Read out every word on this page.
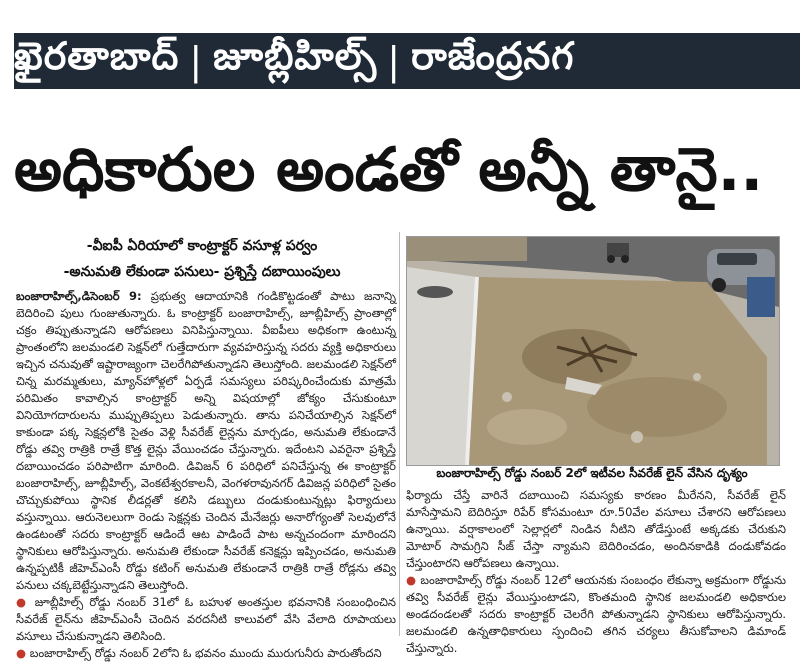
ఖైరతాబాద్ | జూబ్లీహిల్స్ | రాజేంద్రనగ
అధికారుల అండతో అన్నీ తానై..
-వీఐపీ ఏరియాలో కాంట్రాక్టర్ వసూళ్ల పర్వం
-అనుమతి లేకుండా పనులు- ప్రశ్నిస్తే దబాయింపులు

బంజారాహిల్స్,డిసెంబర్ 9: ప్రభుత్వ ఆదాయానికి గండికొట్టడంతో పాటు జనాన్ని బెదిరించి పులు గుంజుతున్నారు. ఓ కాంట్రాక్టర్ బంజారాహిల్స్, జూబ్లీహిల్స్ ప్రాంతాల్లో చక్రం తిప్పుతున్నాడని ఆరోపణలు వినిపిస్తున్నాయి. వీఐపీలు అధికంగా ఉంటున్న ప్రాంతంలోని జలమండలి సెక్షన్‌లో గుత్తేదారుగా వ్యవహరిస్తున్న సదరు వ్యక్తి అధికారులు ఇచ్చిన చనువుతో ఇష్టారాజ్యంగా చెలరేగిపోతున్నాడని తెలుస్తోంది. జలమండలి సెక్షన్‌లో చిన్న మరమ్మతులు, మ్యాన్‌హోళ్లలో ఏర్పడే సమస్యలు పరిష్కరించేందుకు మాత్రమే పరిమితం కావాల్సిన కాంట్రాక్టర్ అన్ని విషయాల్లో జోక్యం చేసుకుంటూ వినియోగదారులను ముప్పుతిప్పలు పెడుతున్నారు. తాను పనిచేయాల్సిన సెక్షన్‌లో కాకుండా పక్క సెక్షన్లలోకి సైతం వెళ్లి సీవరేజ్ లైన్లను మార్చడం, అనుమతి లేకుండానే రోడ్డు తవ్వి రాత్రికి రాత్రే కొత్త లైన్లు వేయించడం చేస్తున్నారు. ఇదేంటని ఎవరైనా ప్రశ్నిస్తే దబాయించడం పరిపాటిగా మారింది. డివిజన్ 6 పరిధిలో పనిచేస్తున్న ఈ కాంట్రాక్టర్ బంజారాహిల్స్, జూబ్లీహిల్స్, వెంకటేశ్వరకాలనీ, వెంగళరావునగర్ డివిజన్ల పరిధిలో సైతం చొచ్చుకుపోయి స్థానిక లీడర్లతో కలిసి డబ్బులు దండుకుంటున్నట్లు ఫిర్యాదులు వస్తున్నాయి. ఆరునెలలుగా రెండు సెక్షన్లకు చెందిన మేనేజర్లు అనారోగ్యంతో సెలవులోనే ఉండటంతో సదరు కాంట్రాక్టర్ ఆడిందే ఆట పాడిందే పాట అన్నచందంగా మారిందని స్థానికులు ఆరోపిస్తున్నారు. అనుమతి లేకుండా సీవరేజ్ కనెక్షన్లు ఇప్పించడం, అనుమతి ఉన్నప్పటికీ జీహెచ్ఎంసీ రోడ్డు కటింగ్ అనుమతి లేకుండానే రాత్రికి రాత్రే రోడ్లను తవ్వి పనులు చక్కబెట్టేస్తున్నాడని తెలుస్తోంది.

● జూబ్లీహిల్స్ రోడ్డు నంబర్ 31లో ఓ బహుళ అంతస్తుల భవనానికి సంబంధించిన సీవరేజ్ లైన్‌ను జీహెచ్ఎంసీ చెందిన వరదనీటి కాలువలో వేసి వేలాది రూపాయలు వసూలు చేసుకున్నాడని తెలిసింది.

● బంజారాహిల్స్ రోడ్డు నంబర్ 2లోని ఓ భవనం ముందు మురుగునీరు పారుతోందని

బంజారాహిల్స్ రోడ్డు నంబర్ 2లో ఇటీవల సీవరేజ్ లైన్ వేసిన దృశ్యం

ఫిర్యాదు చేస్తే వారినే దబాయించి సమస్యకు కారణం మీరేనని, సీవరేజ్ లైన్ మాసేస్తామని బెదిరిస్తూ రిపేర్ కోసమంటూ రూ.50వేల వసూలు చేశారని ఆరోపణలు ఉన్నాయి. వర్షాకాలంలో సెల్లార్లలో నిండిన నీటిని తోడేస్తుంటే అక్కడకు చేరుకుని మోటార్ సామగ్రిని సీజ్ చేస్తా న్యామని బెదిరించడం, అందినకాడికి దండుకోవడం చేస్తుంటారని ఆరోపణలు ఉన్నాయి.

● బంజారాహిల్స్ రోడ్డు నంబర్ 12లో ఆయనకు సంబంధం లేకున్నా అక్రమంగా రోడ్డును తవ్వి సీవరేజ్ లైన్లు వేయిస్తుంటాడని, కొంతమంది స్థానిక జలమండలి అధికారుల అండదండలతో సదరు కాంట్రాక్టర్ చెలరేగి పోతున్నాడని స్థానికులు ఆరోపిస్తున్నారు. జలమండలి ఉన్నతాధికారులు స్పందించి తగిన చర్యలు తీసుకోవాలని డిమాండ్ చేస్తున్నారు.
